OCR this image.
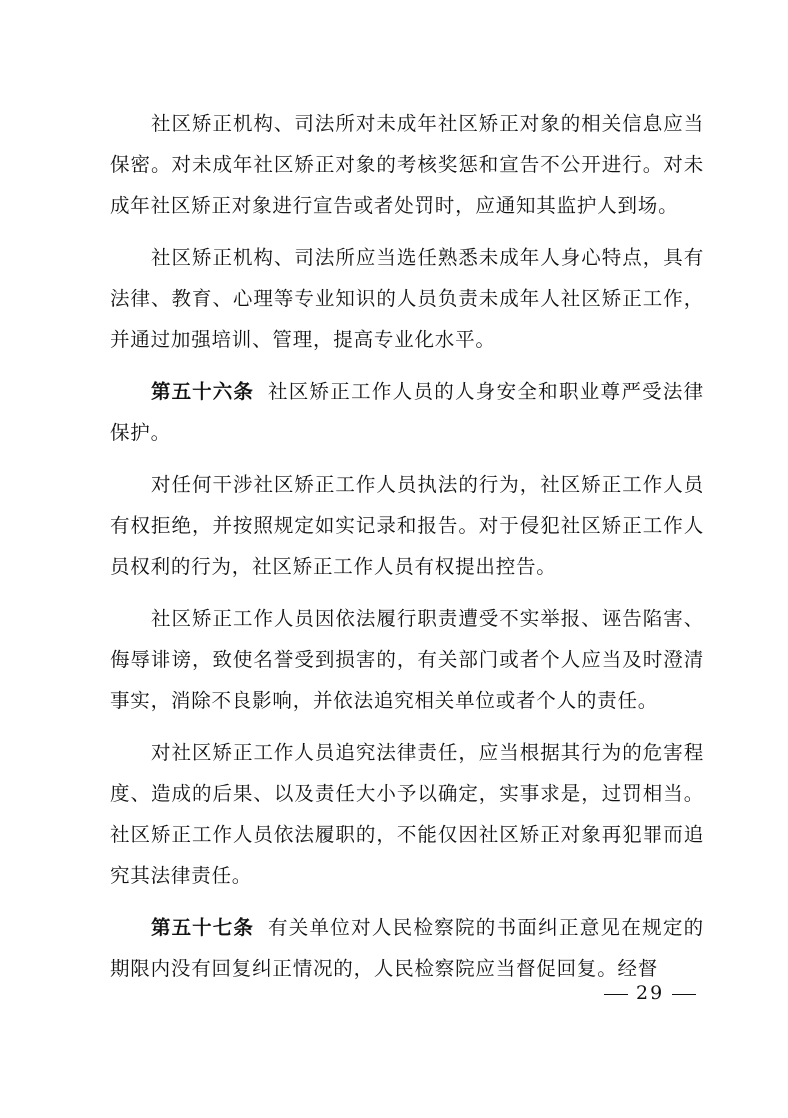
社区矫正机构、司法所对未成年社区矫正对象的相关信息应当保密。对未成年社区矫正对象的考核奖惩和宣告不公开进行。对未成年社区矫正对象进行宣告或者处罚时，应通知其监护人到场。

社区矫正机构、司法所应当选任熟悉未成年人身心特点，具有法律、教育、心理等专业知识的人员负责未成年人社区矫正工作，并通过加强培训、管理，提高专业化水平。

第五十六条 社区矫正工作人员的人身安全和职业尊严受法律保护。

对任何干涉社区矫正工作人员执法的行为，社区矫正工作人员有权拒绝，并按照规定如实记录和报告。对于侵犯社区矫正工作人员权利的行为，社区矫正工作人员有权提出控告。

社区矫正工作人员因依法履行职责遭受不实举报、诬告陷害、侮辱诽谤，致使名誉受到损害的，有关部门或者个人应当及时澄清事实，消除不良影响，并依法追究相关单位或者个人的责任。

对社区矫正工作人员追究法律责任，应当根据其行为的危害程度、造成的后果、以及责任大小予以确定，实事求是，过罚相当。社区矫正工作人员依法履职的，不能仅因社区矫正对象再犯罪而追究其法律责任。

第五十七条 有关单位对人民检察院的书面纠正意见在规定的期限内没有回复纠正情况的，人民检察院应当督促回复。经督

29
